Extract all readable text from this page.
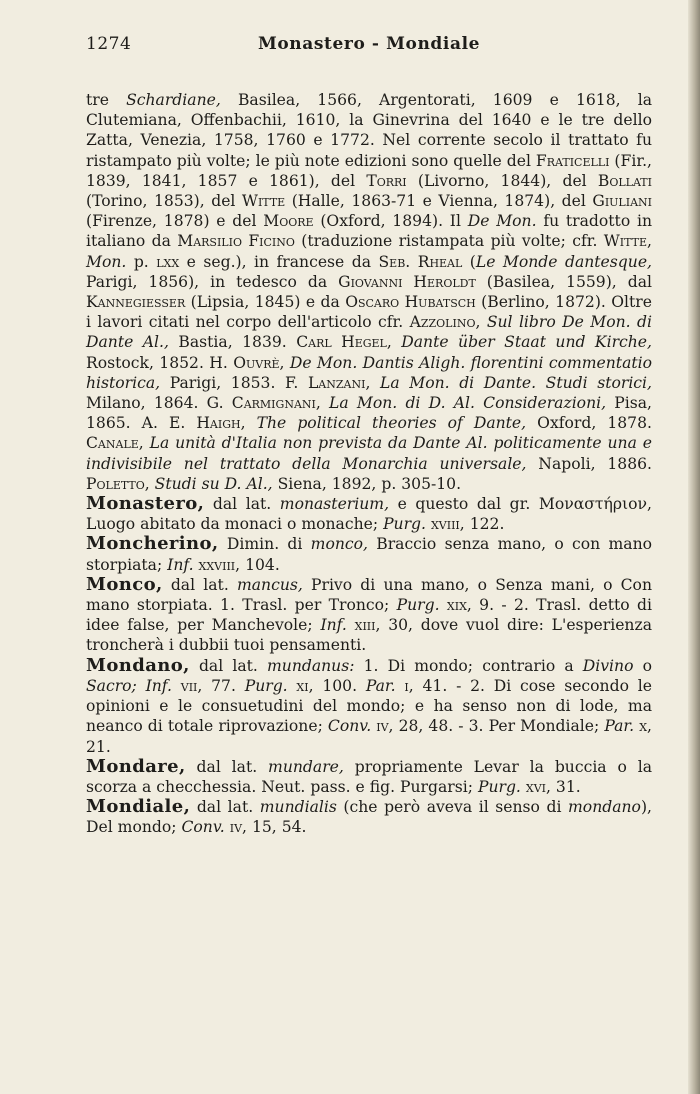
1274	Monastero - Mondiale

tre Schardiane, Basilea, 1566, Argentorati, 1609 e 1618, la Clutemiana, Offenbachii, 1610, la Ginevrina del 1640 e le tre dello Zatta, Venezia, 1758, 1760 e 1772. Nel corrente secolo il trattato fu ristampato più volte; le più note edizioni sono quelle del Fraticelli (Fir., 1839, 1841, 1857 e 1861), del Torri (Livorno, 1844), del Bollati (Torino, 1853), del Witte (Halle, 1863-71 e Vienna, 1874), del Giuliani (Firenze, 1878) e del Moore (Oxford, 1894). Il De Mon. fu tradotto in italiano da Marsilio Ficino (traduzione ristampata più volte; cfr. Witte, Mon. p. lxx e seg.), in francese da Seb. Rheal (Le Monde dantesque, Parigi, 1856), in tedesco da Giovanni Heroldt (Basilea, 1559), dal Kannegiesser (Lipsia, 1845) e da Oscaro Hubatsch (Berlino, 1872). Oltre i lavori citati nel corpo dell'articolo cfr. Azzolino, Sul libro De Mon. di Dante Al., Bastia, 1839. Carl Hegel, Dante über Staat und Kirche, Rostock, 1852. H. Ouvrè, De Mon. Dantis Aligh. florentini commentatio historica, Parigi, 1853. F. Lanzani, La Mon. di Dante. Studi storici, Milano, 1864. G. Carmignani, La Mon. di D. Al. Considerazioni, Pisa, 1865. A. E. Haigh, The political theories of Dante, Oxford, 1878. Canale, La unità d'Italia non prevista da Dante Al. politicamente una e indivisibile nel trattato della Monarchia universale, Napoli, 1886. Poletto, Studi su D. Al., Siena, 1892, p. 305-10.

Monastero, dal lat. monasterium, e questo dal gr. Μοναστήριον, Luogo abitato da monaci o monache; Purg. xviii, 122.

Moncherino, Dimin. di monco, Braccio senza mano, o con mano storpiata; Inf. xxviii, 104.

Monco, dal lat. mancus, Privo di una mano, o Senza mani, o Con mano storpiata. 1. Trasl. per Tronco; Purg. xix, 9. - 2. Trasl. detto di idee false, per Manchevole; Inf. xiii, 30, dove vuol dire: L'esperienza troncherà i dubbii tuoi pensamenti.

Mondano, dal lat. mundanus: 1. Di mondo; contrario a Divino o Sacro; Inf. vii, 77. Purg. xi, 100. Par. i, 41. - 2. Di cose secondo le opinioni e le consuetudini del mondo; e ha senso non di lode, ma neanco di totale riprovazione; Conv. iv, 28, 48. - 3. Per Mondiale; Par. x, 21.

Mondare, dal lat. mundare, propriamente Levar la buccia o la scorza a checchessia. Neut. pass. e fig. Purgarsi; Purg. xvi, 31.

Mondiale, dal lat. mundialis (che però aveva il senso di mondano), Del mondo; Conv. iv, 15, 54.
